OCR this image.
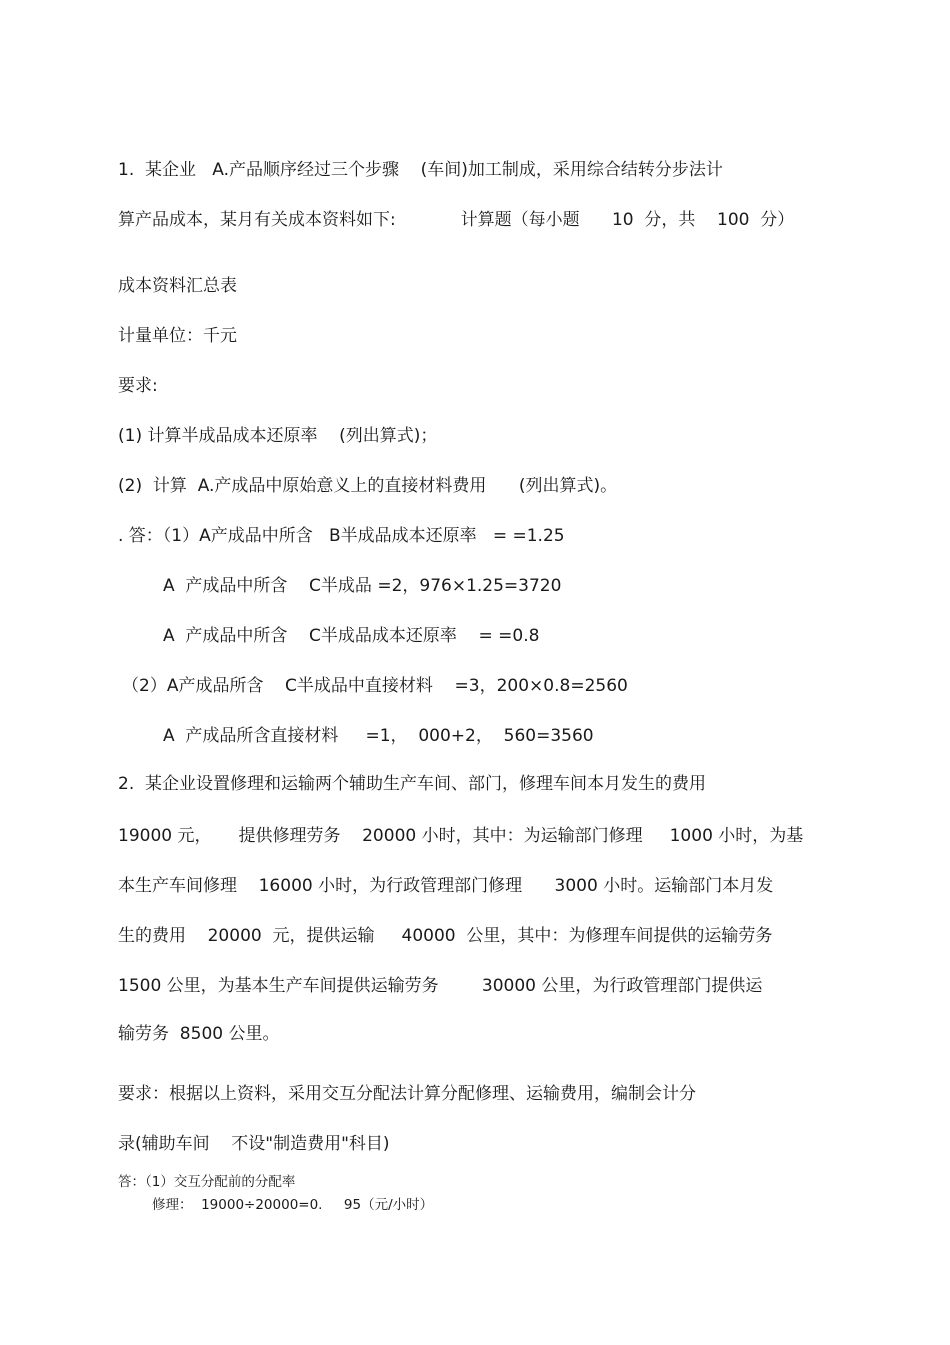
1.  某企业   A.产品顺序经过三个步骤    (车间)加工制成，采用综合结转分步法计
算产品成本，某月有关成本资料如下:            计算题（每小题      10  分，共    100  分）
成本资料汇总表
计量单位：千元
要求:
(1) 计算半成品成本还原率    (列出算式)；
(2)  计算  A.产成品中原始意义上的直接材料费用      (列出算式)。
. 答：（1）A产成品中所含   B半成品成本还原率   = =1.25
A  产成品中所含    C半成品 =2，976×1.25=3720
A  产成品中所含    C半成品成本还原率    = =0.8
（2）A产成品所含    C半成品中直接材料    =3，200×0.8=2560
A  产成品所含直接材料     =1，  000+2，  560=3560
2.  某企业设置修理和运输两个辅助生产车间、部门，修理车间本月发生的费用
19000 元，     提供修理劳务    20000 小时，其中：为运输部门修理     1000 小时，为基
本生产车间修理    16000 小时，为行政管理部门修理      3000 小时。运输部门本月发
生的费用    20000  元，提供运输     40000  公里，其中：为修理车间提供的运输劳务
1500 公里，为基本生产车间提供运输劳务        30000 公里，为行政管理部门提供运
输劳务  8500 公里。
要求：根据以上资料，采用交互分配法计算分配修理、运输费用，编制会计分
录(辅助车间    不设"制造费用"科目)
答：（1）交互分配前的分配率
修理：  19000÷20000=0.     95（元/小时）
